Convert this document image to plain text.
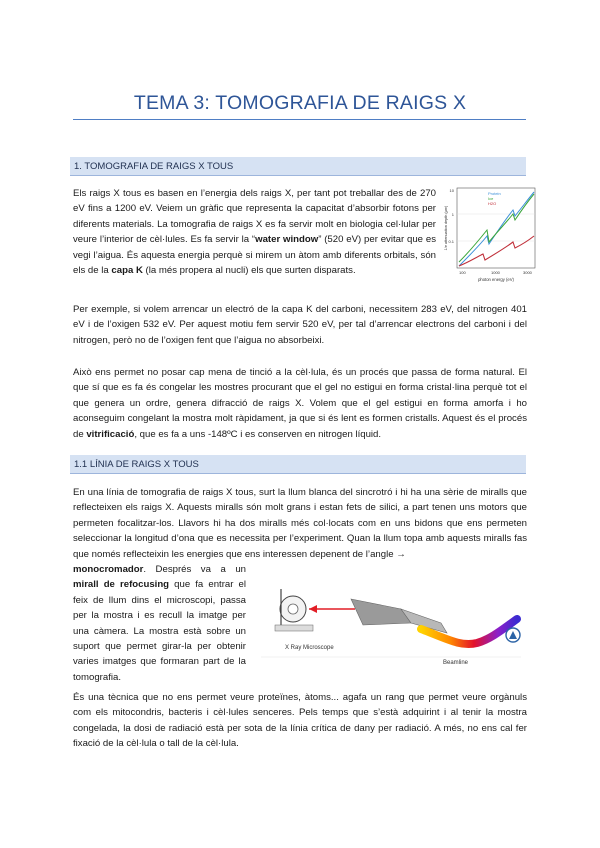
TEMA 3: TOMOGRAFIA DE RAIGS X
1. TOMOGRAFIA DE RAIGS X TOUS

Els raigs X tous es basen en l’energia dels raigs X, per tant pot treballar des de 270 eV fins a 1200 eV. Veiem un gràfic que representa la capacitat d’absorbir fotons per diferents materials. La tomografia de raigs X es fa servir molt en biologia cel·lular per veure l’interior de cèl·lules. Es fa servir la “water window” (520 eV) per evitar que es vegi l’aigua. És aquesta energia perquè si mirem un àtom amb diferents orbitals, són els de la capa K (la més propera al nucli) els que surten disparats.

Protein
Ice
H2O
10
1
0.1
100	1000	3000
photon energy (eV)
1/e attenuation depth (µm)

Per exemple, si volem arrencar un electró de la capa K del carboni, necessitem 283 eV, del nitrogen 401 eV i de l’oxigen 532 eV. Per aquest motiu fem servir 520 eV, per tal d’arrencar electrons del carboni i del nitrogen, però no de l’oxigen fent que l’aigua no absorbeixi.

Això ens permet no posar cap mena de tinció a la cèl·lula, és un procés que passa de forma natural. El que sí que es fa és congelar les mostres procurant que el gel no estigui en forma cristal·lina perquè tot el que genera un ordre, genera difracció de raigs X. Volem que el gel estigui en forma amorfa i ho aconseguim congelant la mostra molt ràpidament, ja que si és lent es formen cristalls. Aquest és el procés de vitrificació, que es fa a uns -148ºC i es conserven en nitrogen líquid.

1.1 LÍNIA DE RAIGS X TOUS

En una línia de tomografia de raigs X tous, surt la llum blanca del sincrotró i hi ha una sèrie de miralls que reflecteixen els raigs X. Aquests miralls són molt grans i estan fets de silici, a part tenen uns motors que permeten focalitzar-los. Llavors hi ha dos miralls més col·locats com en uns bidons que ens permeten seleccionar la longitud d’ona que es necessita per l’experiment. Quan la llum topa amb aquests miralls fas que només reflecteixin les energies que ens interessen depenent de l’angle →

monocromador. Després va a un mirall de refocusing que fa entrar el feix de llum dins el microscopi, passa per la mostra i es recull la imatge per una càmera. La mostra està sobre un suport que permet girar-la per obtenir varies imatges que formaran part de la tomografia.

X Ray Microscope
Beamline

És una tècnica que no ens permet veure proteïnes, àtoms... agafa un rang que permet veure orgànuls com els mitocondris, bacteris i cèl·lules senceres. Pels temps que s’està adquirint i al tenir la mostra congelada, la dosi de radiació està per sota de la línia crítica de dany per radiació. A més, no ens cal fer fixació de la cèl·lula o tall de la cèl·lula.
